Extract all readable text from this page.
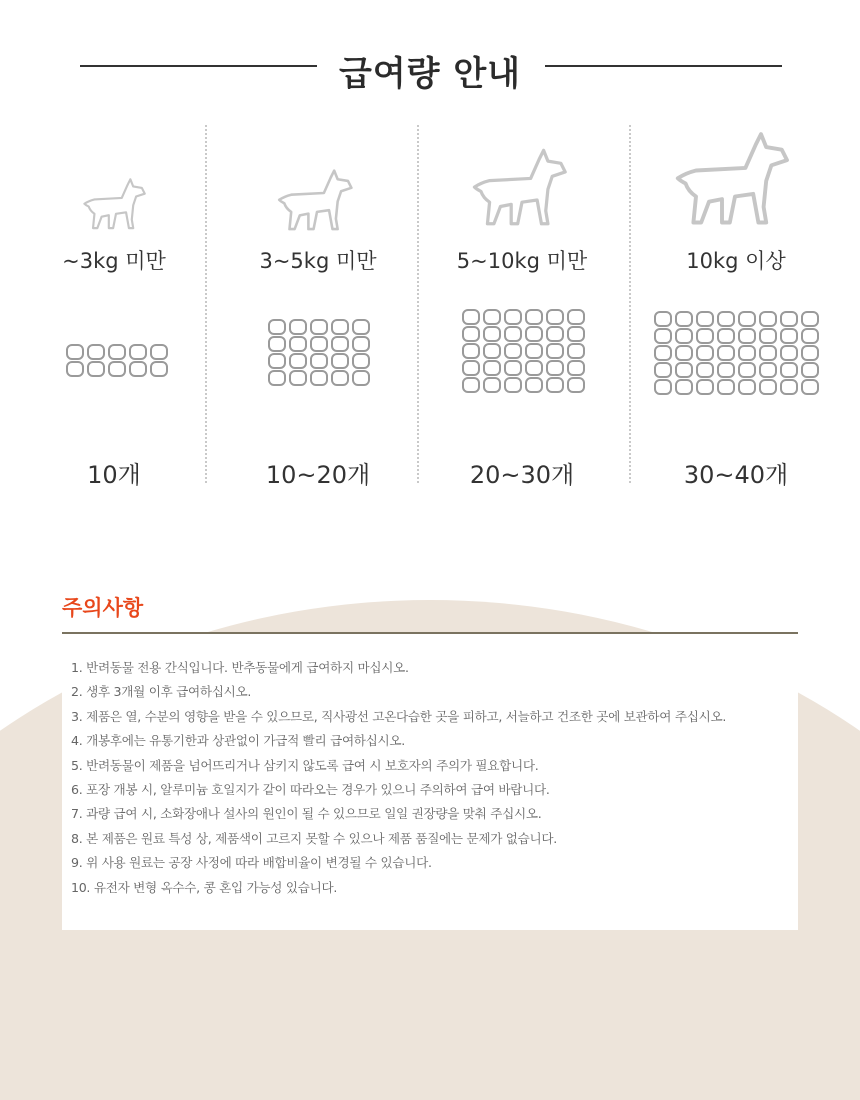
급여량 안내
~3kg 미만
10개
3~5kg 미만
10~20개
5~10kg 미만
20~30개
10kg 이상
30~40개
주의사항
1. 반려동물 전용 간식입니다. 반추동물에게 급여하지 마십시오.
2. 생후 3개월 이후 급여하십시오.
3. 제품은 열, 수분의 영향을 받을 수 있으므로, 직사광선 고온다습한 곳을 피하고, 서늘하고 건조한 곳에 보관하여 주십시오.
4. 개봉후에는 유통기한과 상관없이 가급적 빨리 급여하십시오.
5. 반려동물이 제품을 넘어뜨리거나 삼키지 않도록 급여 시 보호자의 주의가 필요합니다.
6. 포장 개봉 시, 알루미늄 호일지가 같이 따라오는 경우가 있으니 주의하여 급여 바랍니다.
7. 과량 급여 시, 소화장애나 설사의 원인이 될 수 있으므로 일일 권장량을 맞춰 주십시오.
8. 본 제품은 원료 특성 상, 제품색이 고르지 못할 수 있으나 제품 품질에는 문제가 없습니다.
9. 위 사용 원료는 공장 사정에 따라 배합비율이 변경될 수 있습니다.
10. 유전자 변형 옥수수, 콩 혼입 가능성 있습니다.
